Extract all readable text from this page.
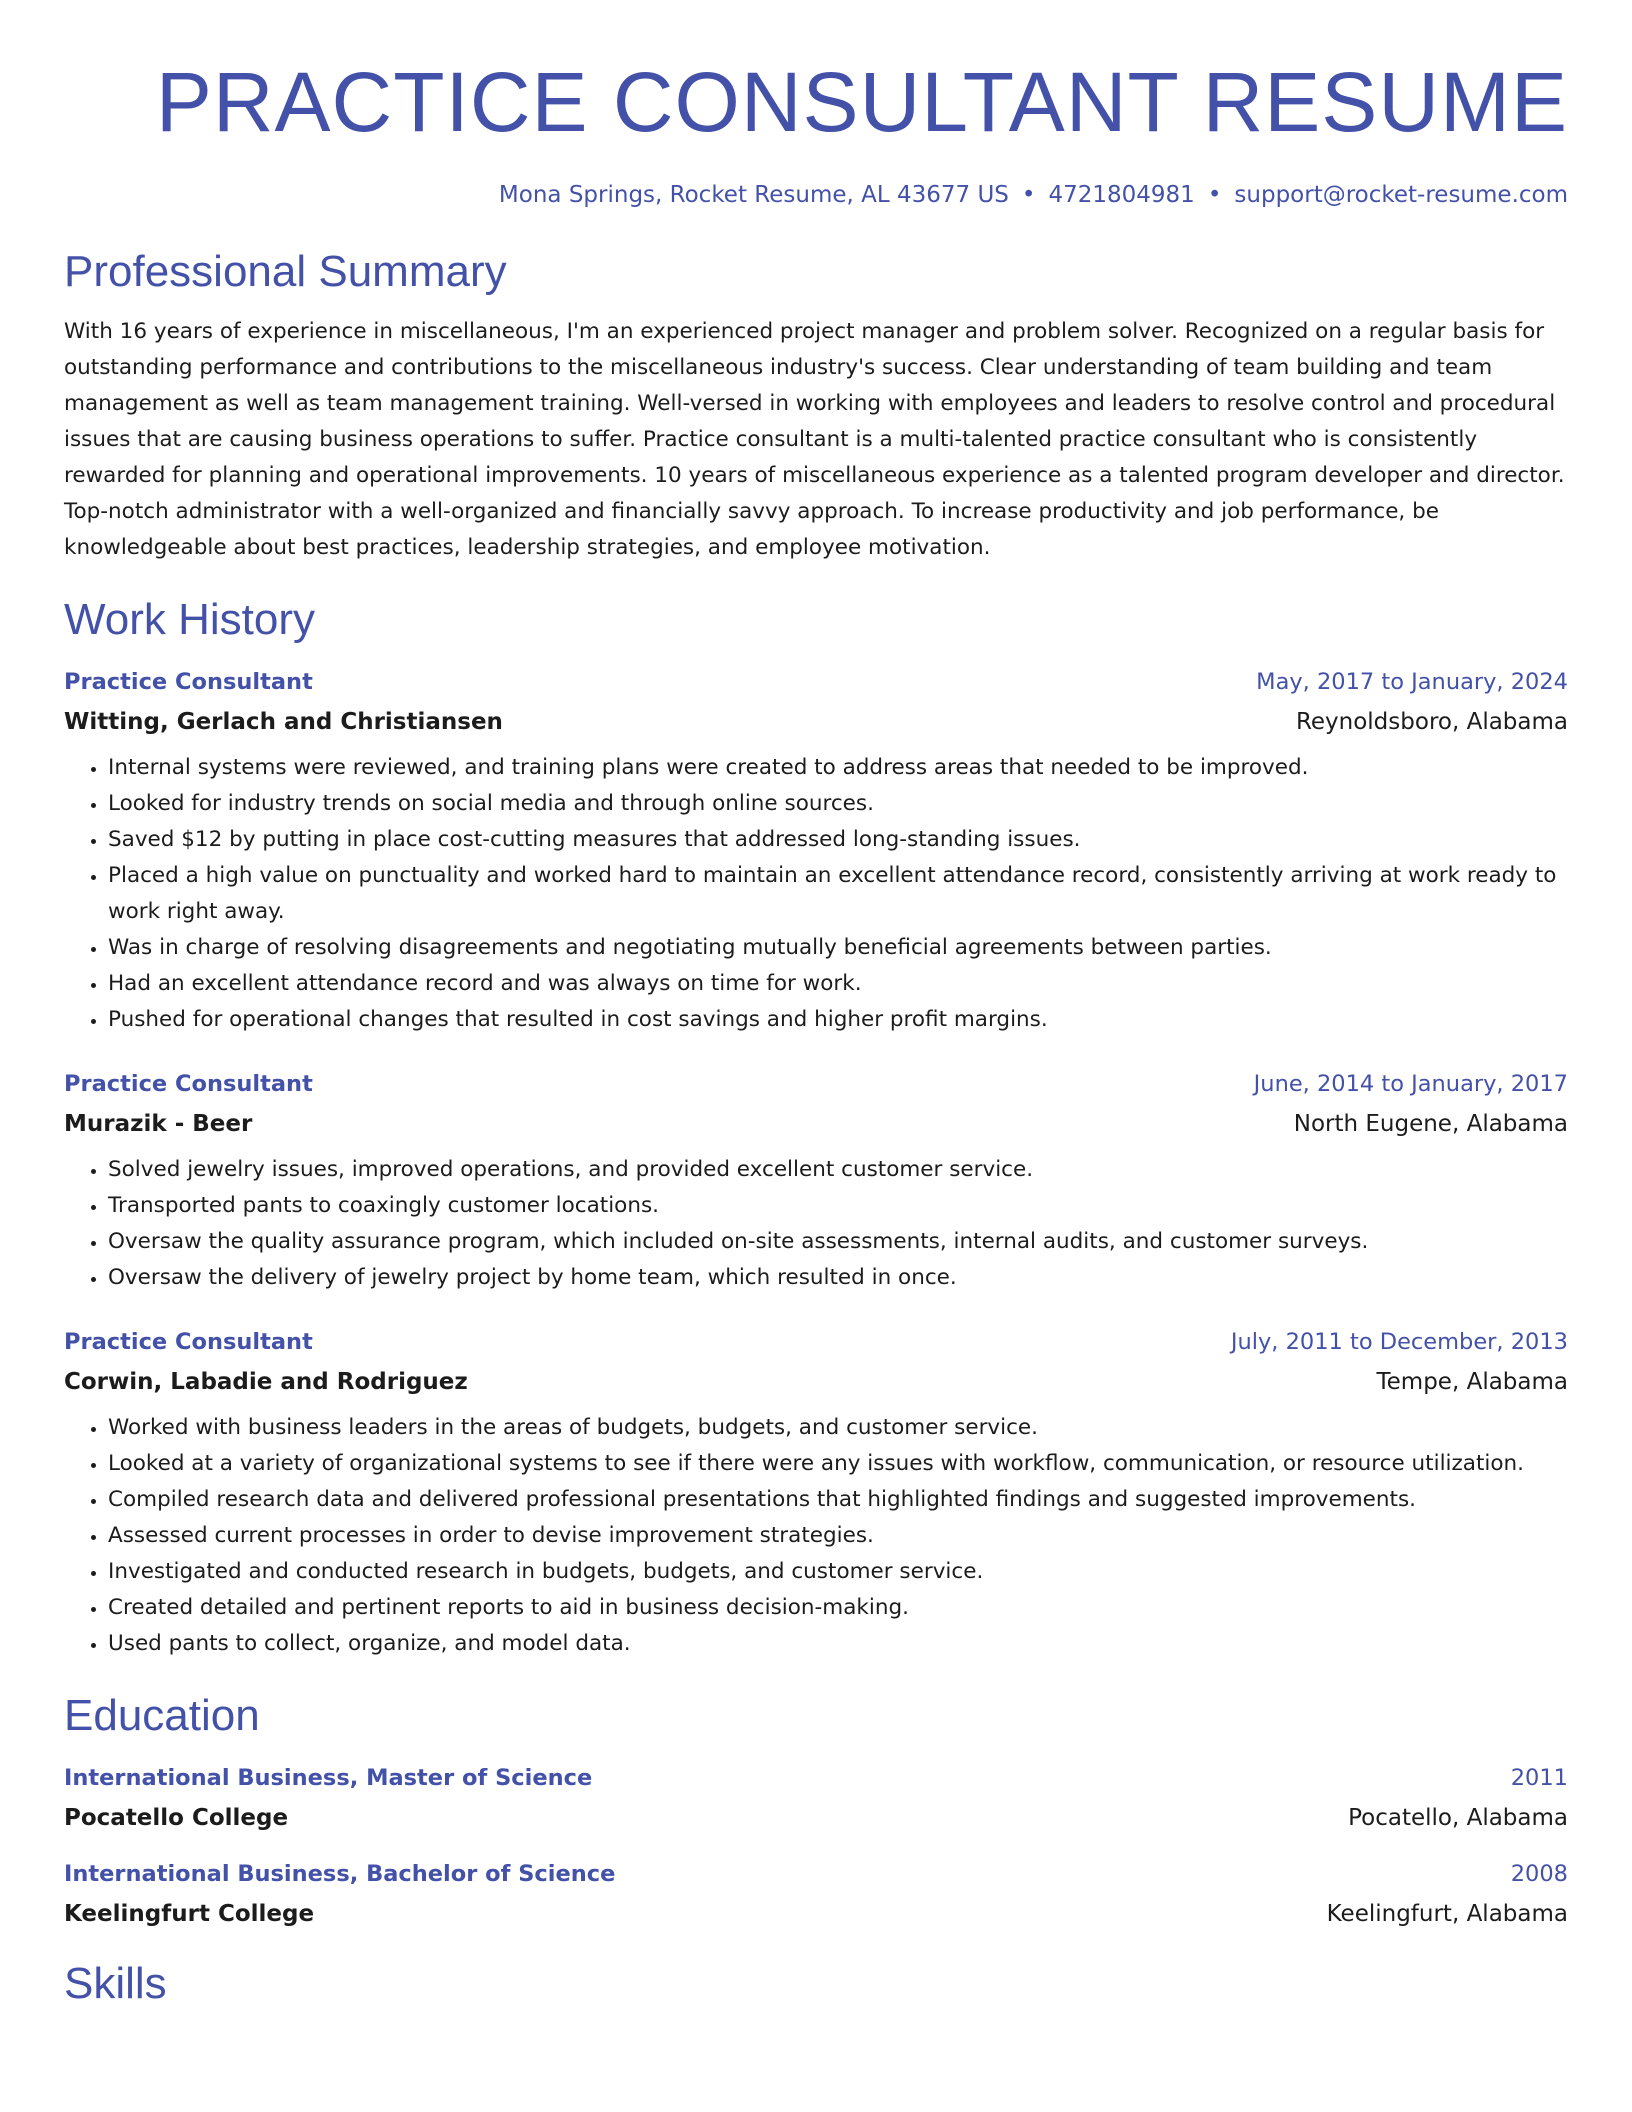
PRACTICE CONSULTANT RESUME
Mona Springs, Rocket Resume, AL 43677 US • 4721804981 • support@rocket-resume.com
Professional Summary

With 16 years of experience in miscellaneous, I'm an experienced project manager and problem solver. Recognized on a regular basis for outstanding performance and contributions to the miscellaneous industry's success. Clear understanding of team building and team management as well as team management training. Well-versed in working with employees and leaders to resolve control and procedural issues that are causing business operations to suffer. Practice consultant is a multi-talented practice consultant who is consistently rewarded for planning and operational improvements. 10 years of miscellaneous experience as a talented program developer and director. Top-notch administrator with a well-organized and financially savvy approach. To increase productivity and job performance, be knowledgeable about best practices, leadership strategies, and employee motivation.

Work History
Practice Consultant	May, 2017 to January, 2024
Witting, Gerlach and Christiansen	Reynoldsboro, Alabama
• Internal systems were reviewed, and training plans were created to address areas that needed to be improved.
• Looked for industry trends on social media and through online sources.
• Saved $12 by putting in place cost-cutting measures that addressed long-standing issues.
• Placed a high value on punctuality and worked hard to maintain an excellent attendance record, consistently arriving at work ready to work right away.
• Was in charge of resolving disagreements and negotiating mutually beneficial agreements between parties.
• Had an excellent attendance record and was always on time for work.
• Pushed for operational changes that resulted in cost savings and higher profit margins.
Practice Consultant	June, 2014 to January, 2017
Murazik - Beer	North Eugene, Alabama
• Solved jewelry issues, improved operations, and provided excellent customer service.
• Transported pants to coaxingly customer locations.
• Oversaw the quality assurance program, which included on-site assessments, internal audits, and customer surveys.
• Oversaw the delivery of jewelry project by home team, which resulted in once.
Practice Consultant	July, 2011 to December, 2013
Corwin, Labadie and Rodriguez	Tempe, Alabama
• Worked with business leaders in the areas of budgets, budgets, and customer service.
• Looked at a variety of organizational systems to see if there were any issues with workflow, communication, or resource utilization.
• Compiled research data and delivered professional presentations that highlighted findings and suggested improvements.
• Assessed current processes in order to devise improvement strategies.
• Investigated and conducted research in budgets, budgets, and customer service.
• Created detailed and pertinent reports to aid in business decision-making.
• Used pants to collect, organize, and model data.
Education
International Business, Master of Science	2011
Pocatello College	Pocatello, Alabama
International Business, Bachelor of Science	2008
Keelingfurt College	Keelingfurt, Alabama
Skills
